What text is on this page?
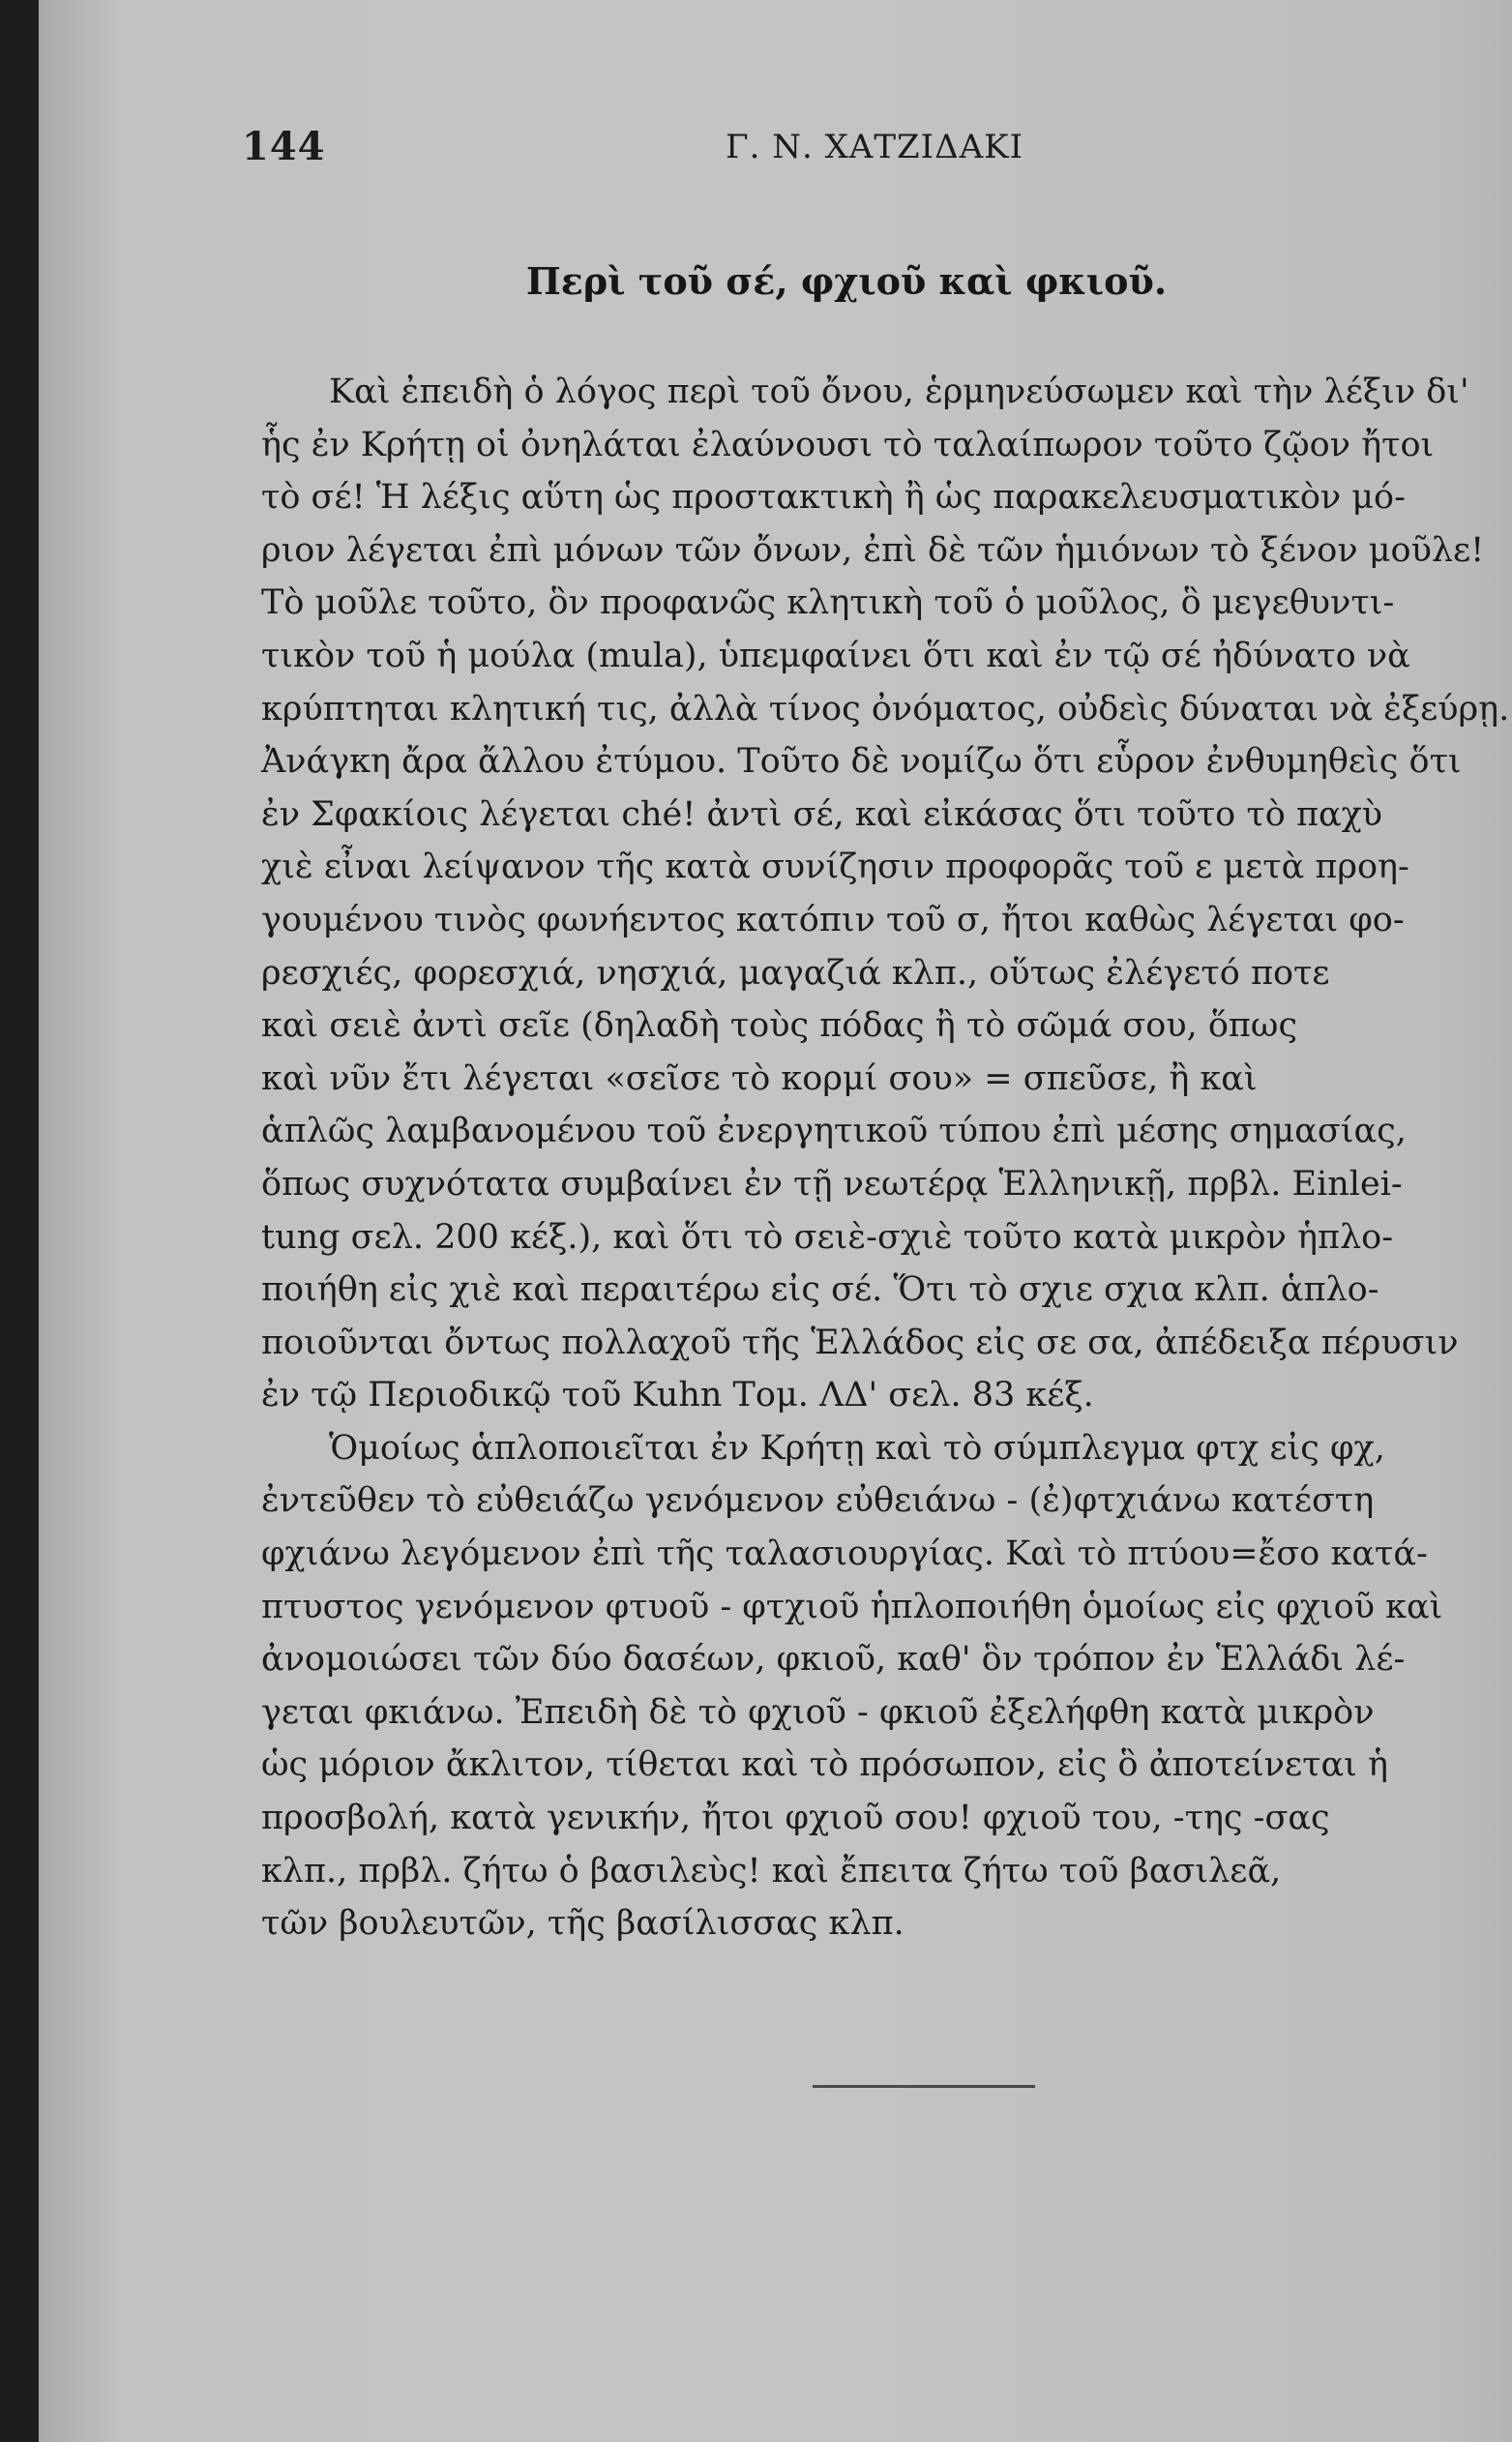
144	Γ. Ν. ΧΑΤΖΙΔΑΚΙ
Περὶ τοῦ σέ, φχιοῦ καὶ φκιοῦ.
Καὶ ἐπειδὴ ὁ λόγος περὶ τοῦ ὄνου, ἑρμηνεύσωμεν καὶ τὴν λέξιν δι'
ἧς ἐν Κρήτῃ οἱ ὀνηλάται ἐλαύνουσι τὸ ταλαίπωρον τοῦτο ζῷον ἤτοι
τὸ σέ! Ἡ λέξις αὕτη ὡς προστακτικὴ ἢ ὡς παρακελευσματικὸν μό-
ριον λέγεται ἐπὶ μόνων τῶν ὄνων, ἐπὶ δὲ τῶν ἡμιόνων τὸ ξένον μοῦλε!
Τὸ μοῦλε τοῦτο, ὃν προφανῶς κλητικὴ τοῦ ὁ μοῦλος, ὃ μεγεθυντι-
τικὸν τοῦ ἡ μούλα (mula), ὑπεμφαίνει ὅτι καὶ ἐν τῷ σέ ἠδύνατο νὰ
κρύπτηται κλητική τις, ἀλλὰ τίνος ὀνόματος, οὐδεὶς δύναται νὰ ἐξεύρῃ.
Ἀνάγκη ἄρα ἄλλου ἐτύμου. Τοῦτο δὲ νομίζω ὅτι εὗρον ἐνθυμηθεὶς ὅτι
ἐν Σφακίοις λέγεται ché! ἀντὶ σέ, καὶ εἰκάσας ὅτι τοῦτο τὸ παχὺ
χιὲ εἶναι λείψανον τῆς κατὰ συνίζησιν προφορᾶς τοῦ ε μετὰ προη-
γουμένου τινὸς φωνήεντος κατόπιν τοῦ σ, ἤτοι καθὼς λέγεται φο-
ρεσχιές, φορεσχιά, νησχιά, μαγαζιά κλπ., οὕτως ἐλέγετό ποτε
καὶ σειὲ ἀντὶ σεῖε (δηλαδὴ τοὺς πόδας ἢ τὸ σῶμά σου, ὅπως
καὶ νῦν ἔτι λέγεται «σεῖσε τὸ κορμί σου» = σπεῦσε, ἢ καὶ
ἁπλῶς λαμβανομένου τοῦ ἐνεργητικοῦ τύπου ἐπὶ μέσης σημασίας,
ὅπως συχνότατα συμβαίνει ἐν τῇ νεωτέρᾳ Ἑλληνικῇ, πρβλ. Einlei-
tung σελ. 200 κέξ.), καὶ ὅτι τὸ σειὲ-σχιὲ τοῦτο κατὰ μικρὸν ἡπλο-
ποιήθη εἰς χιὲ καὶ περαιτέρω εἰς σέ. Ὅτι τὸ σχιε σχια κλπ. ἁπλο-
ποιοῦνται ὄντως πολλαχοῦ τῆς Ἑλλάδος εἰς σε σα, ἀπέδειξα πέρυσιν
ἐν τῷ Περιοδικῷ τοῦ Kuhn Τομ. ΛΔ' σελ. 83 κέξ.
Ὁμοίως ἁπλοποιεῖται ἐν Κρήτῃ καὶ τὸ σύμπλεγμα φτχ εἰς φχ,
ἐντεῦθεν τὸ εὐθειάζω γενόμενον εὐθειάνω - (ἐ)φτχιάνω κατέστη
φχιάνω λεγόμενον ἐπὶ τῆς ταλασιουργίας. Καὶ τὸ πτύου=ἔσο κατά-
πτυστος γενόμενον φτυοῦ - φτχιοῦ ἡπλοποιήθη ὁμοίως εἰς φχιοῦ καὶ
ἀνομοιώσει τῶν δύο δασέων, φκιοῦ, καθ' ὃν τρόπον ἐν Ἑλλάδι λέ-
γεται φκιάνω. Ἐπειδὴ δὲ τὸ φχιοῦ - φκιοῦ ἐξελήφθη κατὰ μικρὸν
ὡς μόριον ἄκλιτον, τίθεται καὶ τὸ πρόσωπον, εἰς ὃ ἀποτείνεται ἡ
προσβολή, κατὰ γενικήν, ἤτοι φχιοῦ σου! φχιοῦ του, -της -σας
κλπ., πρβλ. ζήτω ὁ βασιλεὺς! καὶ ἔπειτα ζήτω τοῦ βασιλεᾶ,
τῶν βουλευτῶν, τῆς βασίλισσας κλπ.
